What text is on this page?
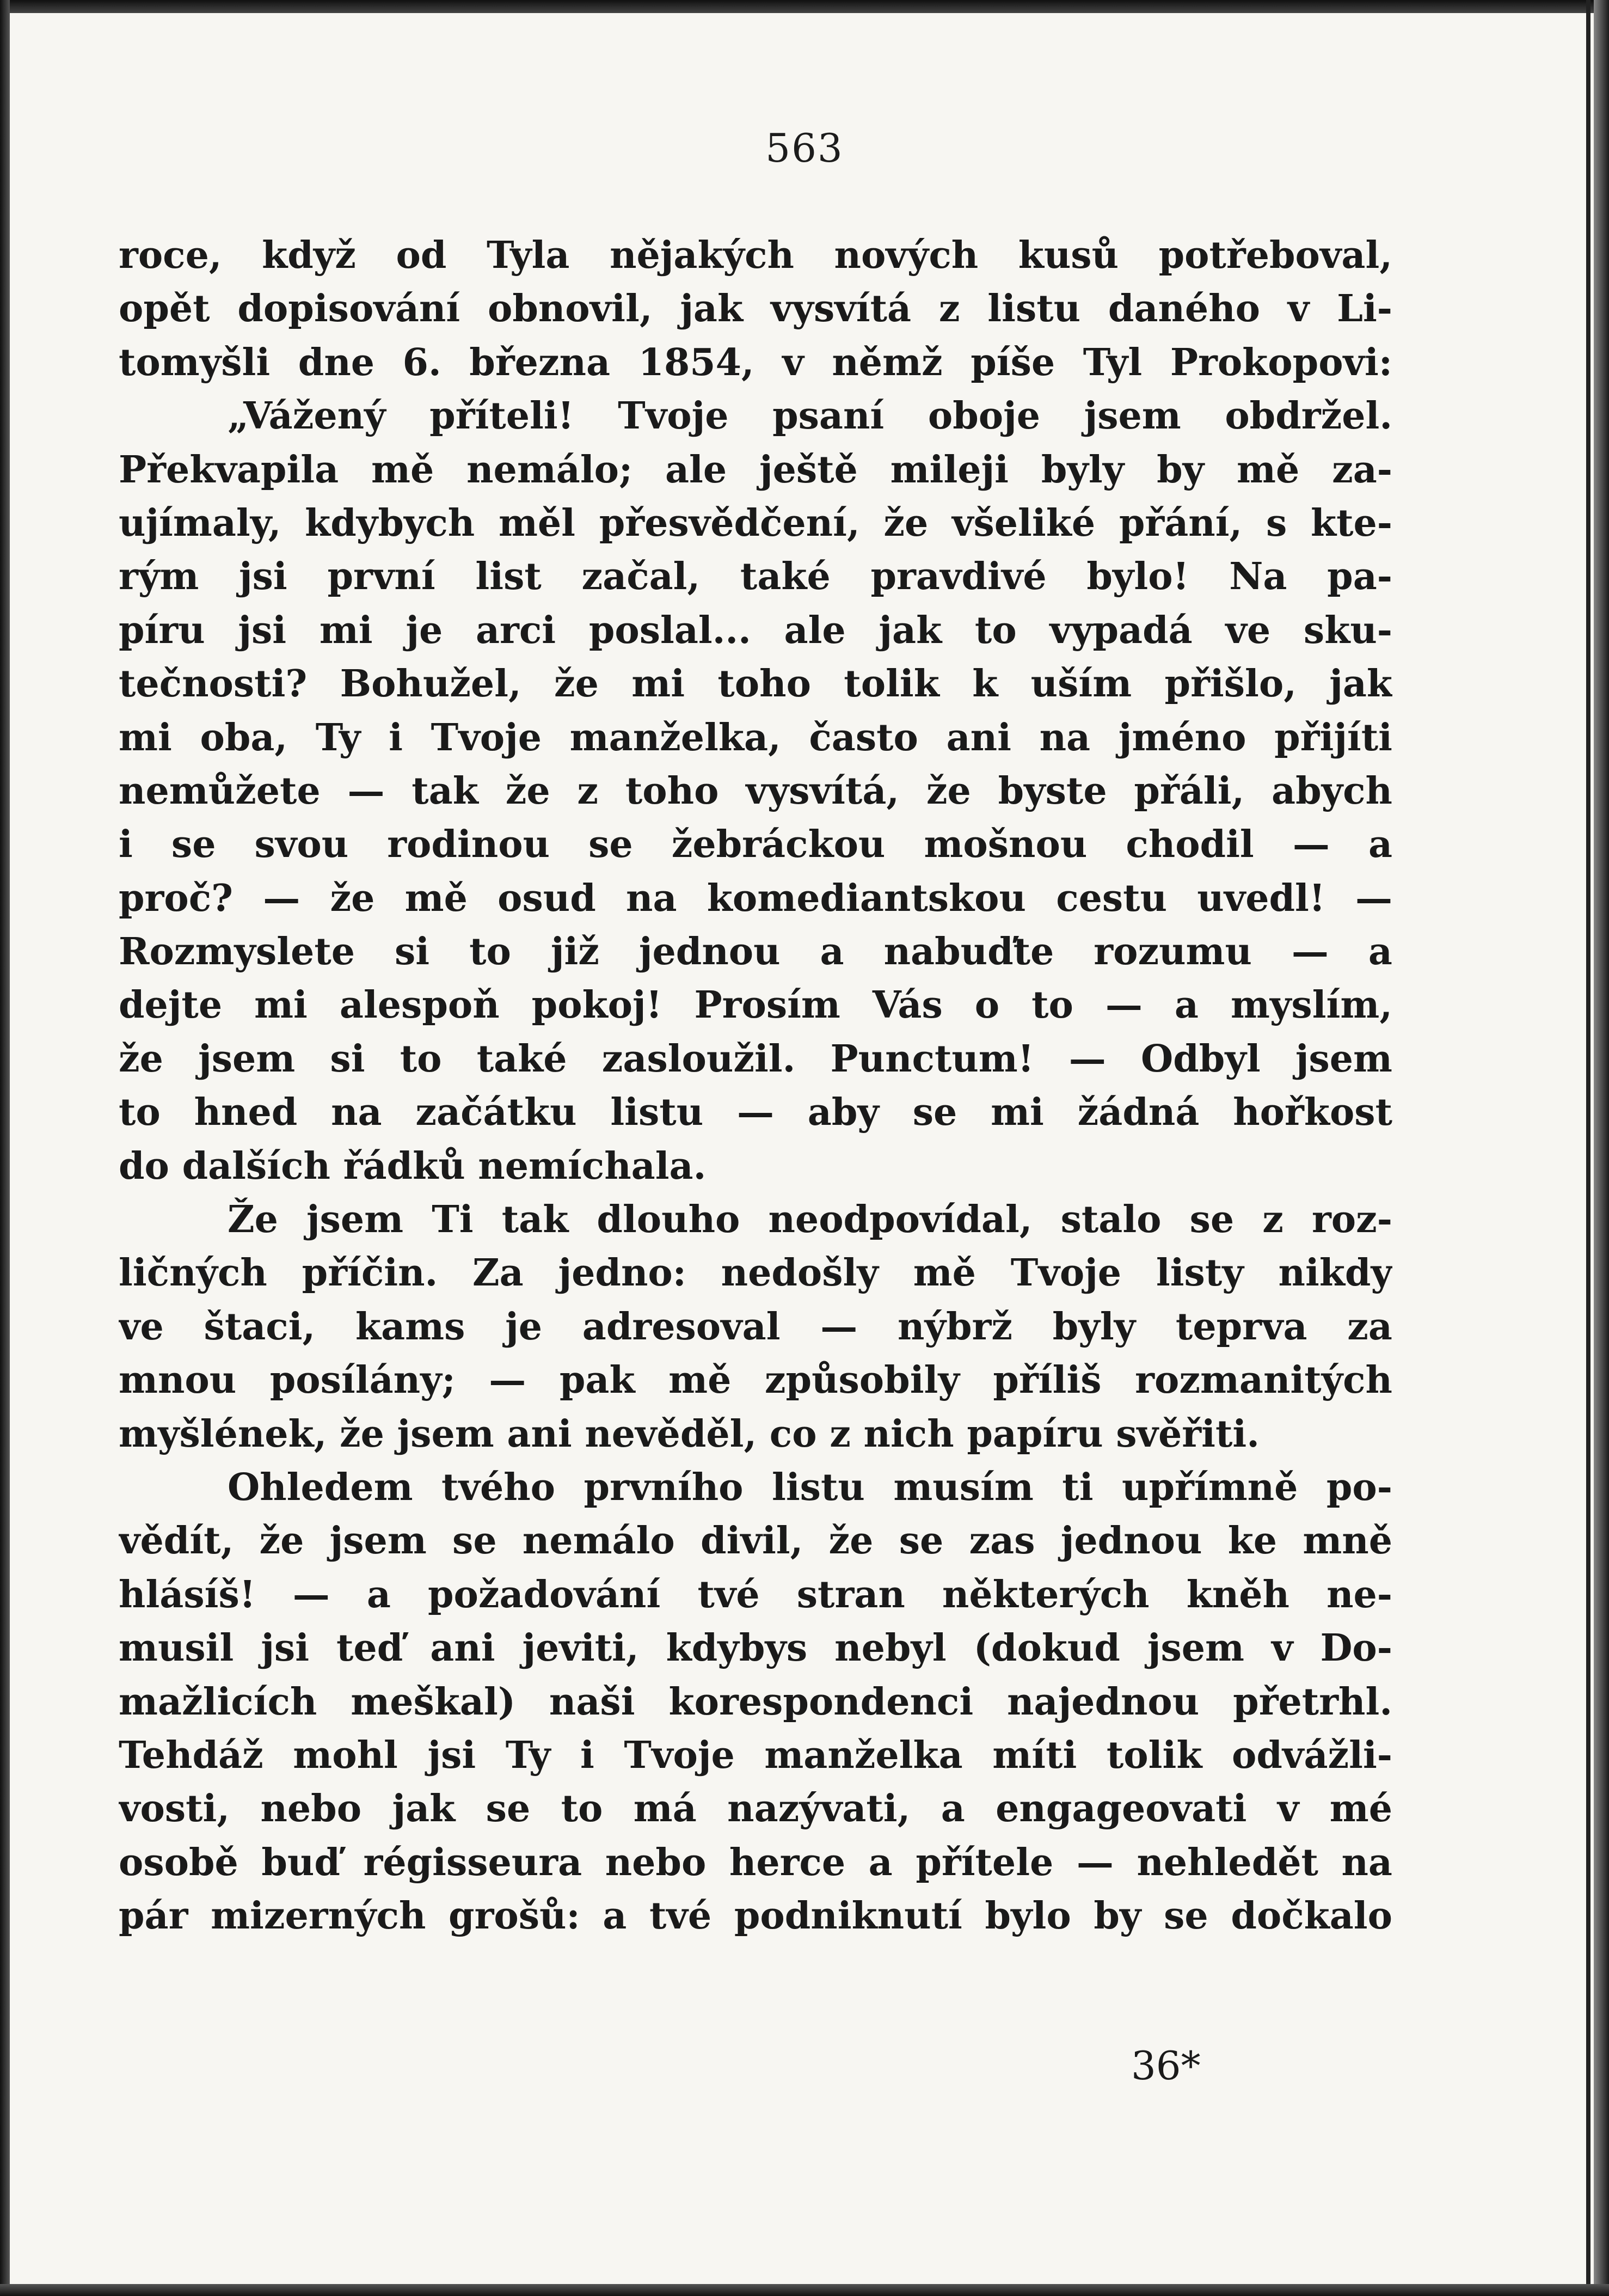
563
roce, když od Tyla nějakých nových kusů potřeboval,
opět dopisování obnovil, jak vysvítá z listu daného v Li-
tomyšli dne 6. března 1854, v němž píše Tyl Prokopovi:
„Vážený příteli! Tvoje psaní oboje jsem obdržel.
Překvapila mě nemálo; ale ještě mileji byly by mě za-
ujímaly, kdybych měl přesvědčení, že všeliké přání, s kte-
rým jsi první list začal, také pravdivé bylo! Na pa-
píru jsi mi je arci poslal... ale jak to vypadá ve sku-
tečnosti? Bohužel, že mi toho tolik k uším přišlo, jak
mi oba, Ty i Tvoje manželka, často ani na jméno přijíti
nemůžete — tak že z toho vysvítá, že byste přáli, abych
i se svou rodinou se žebráckou mošnou chodil — a
proč? — že mě osud na komediantskou cestu uvedl! —
Rozmyslete si to již jednou a nabuďte rozumu — a
dejte mi alespoň pokoj! Prosím Vás o to — a myslím,
že jsem si to také zasloužil. Punctum! — Odbyl jsem
to hned na začátku listu — aby se mi žádná hořkost
do dalších řádků nemíchala.
Že jsem Ti tak dlouho neodpovídal, stalo se z roz-
ličných příčin. Za jedno: nedošly mě Tvoje listy nikdy
ve štaci, kams je adresoval — nýbrž byly teprva za
mnou posílány; — pak mě způsobily příliš rozmanitých
myšlének, že jsem ani nevěděl, co z nich papíru svěřiti.
Ohledem tvého prvního listu musím ti upřímně po-
vědít, že jsem se nemálo divil, že se zas jednou ke mně
hlásíš! — a požadování tvé stran některých kněh ne-
musil jsi teď ani jeviti, kdybys nebyl (dokud jsem v Do-
mažlicích meškal) naši korespondenci najednou přetrhl.
Tehdáž mohl jsi Ty i Tvoje manželka míti tolik odvážli-
vosti, nebo jak se to má nazývati, a engageovati v mé
osobě buď régisseura nebo herce a přítele — nehledět na
pár mizerných grošů: a tvé podniknutí bylo by se dočkalo
36*
